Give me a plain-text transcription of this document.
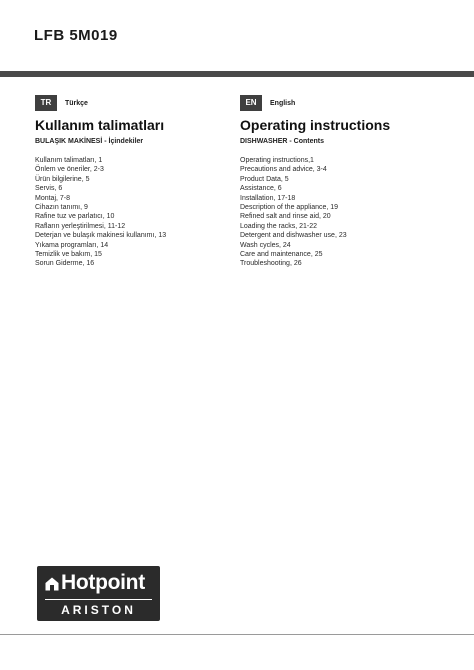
LFB 5M019
TR	Türkçe
Kullanım talimatları
BULAŞIK MAKİNESİ - İçindekiler
Kullanım talimatları, 1
Önlem ve öneriler, 2-3
Ürün bilgilerine, 5
Servis, 6
Montaj, 7-8
Cihazın tanımı, 9
Rafine tuz ve parlatıcı, 10
Rafların yerleştirilmesi, 11-12
Deterjan ve bulaşık makinesi kullanımı, 13
Yıkama programları, 14
Temizlik ve bakım, 15
Sorun Giderme, 16
EN	English
Operating instructions
DISHWASHER - Contents
Operating instructions,1
Precautions and advice, 3-4
Product Data, 5
Assistance, 6
Installation, 17-18
Description of the appliance, 19
Refined salt and rinse aid, 20
Loading the racks, 21-22
Detergent and dishwasher use, 23
Wash cycles, 24
Care and maintenance, 25
Troubleshooting, 26
Hotpoint
ARISTON
